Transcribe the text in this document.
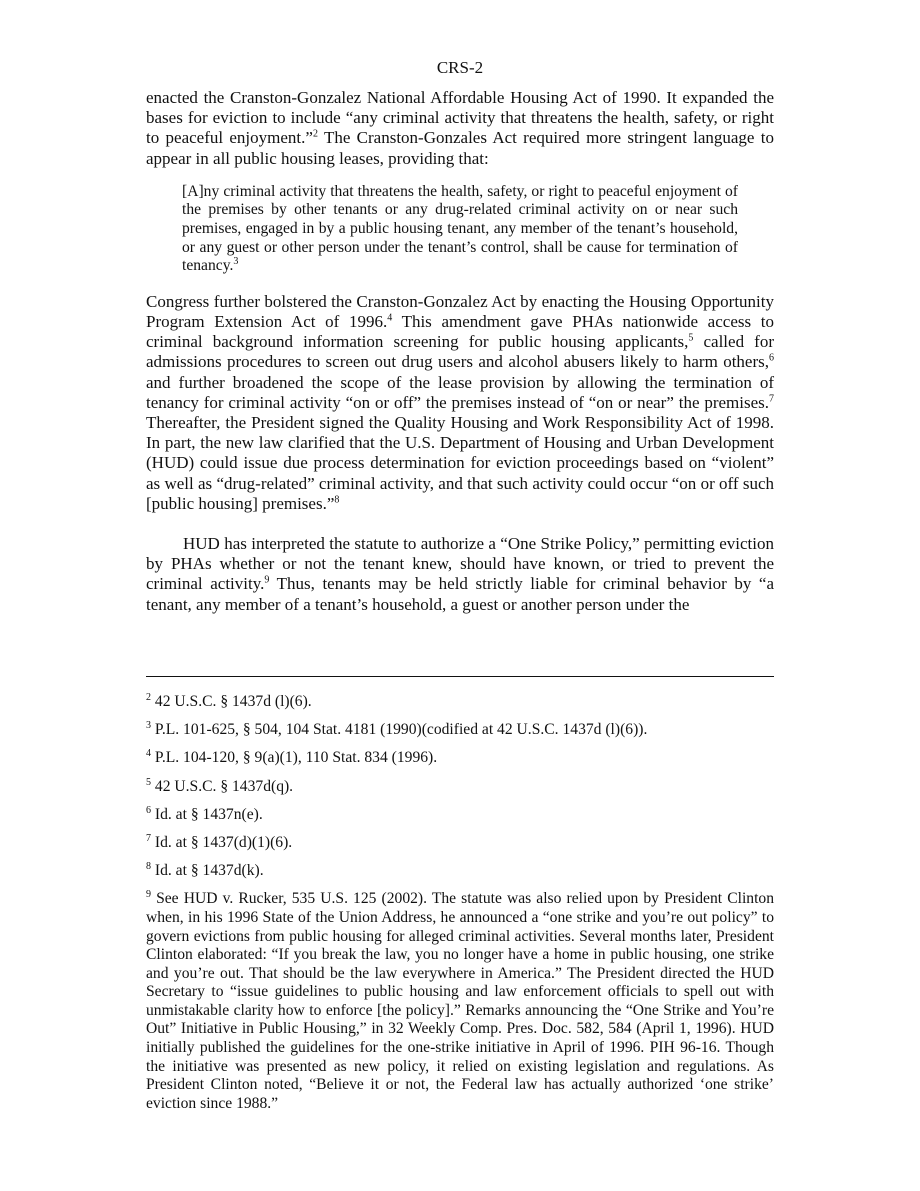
CRS-2

enacted the Cranston-Gonzalez National Affordable Housing Act of 1990. It expanded the bases for eviction to include “any criminal activity that threatens the health, safety, or right to peaceful enjoyment.”$^2$ The Cranston-Gonzales Act required more stringent language to appear in all public housing leases, providing that:

[A]ny criminal activity that threatens the health, safety, or right to peaceful enjoyment of the premises by other tenants or any drug-related criminal activity on or near such premises, engaged in by a public housing tenant, any member of the tenant’s household, or any guest or other person under the tenant’s control, shall be cause for termination of tenancy.$^3$

Congress further bolstered the Cranston-Gonzalez Act by enacting the Housing Opportunity Program Extension Act of 1996.$^4$ This amendment gave PHAs nationwide access to criminal background information screening for public housing applicants,$^5$ called for admissions procedures to screen out drug users and alcohol abusers likely to harm others,$^6$ and further broadened the scope of the lease provision by allowing the termination of tenancy for criminal activity “on or off” the premises instead of “on or near” the premises.$^7$ Thereafter, the President signed the Quality Housing and Work Responsibility Act of 1998. In part, the new law clarified that the U.S. Department of Housing and Urban Development (HUD) could issue due process determination for eviction proceedings based on “violent” as well as “drug-related” criminal activity, and that such activity could occur “on or off such [public housing] premises.”$^8$

HUD has interpreted the statute to authorize a “One Strike Policy,” permitting eviction by PHAs whether or not the tenant knew, should have known, or tried to prevent the criminal activity.$^9$ Thus, tenants may be held strictly liable for criminal behavior by “a tenant, any member of a tenant’s household, a guest or another person under the

$^2$ 42 U.S.C. § 1437d (l)(6).

$^3$ P.L. 101-625, § 504, 104 Stat. 4181 (1990)(codified at 42 U.S.C. 1437d (l)(6)).

$^4$ P.L. 104-120, § 9(a)(1), 110 Stat. 834 (1996).

$^5$ 42 U.S.C. § 1437d(q).

$^6$ Id. at § 1437n(e).

$^7$ Id. at § 1437(d)(1)(6).

$^8$ Id. at § 1437d(k).

$^9$ See HUD v. Rucker, 535 U.S. 125 (2002). The statute was also relied upon by President Clinton when, in his 1996 State of the Union Address, he announced a “one strike and you’re out policy” to govern evictions from public housing for alleged criminal activities. Several months later, President Clinton elaborated: “If you break the law, you no longer have a home in public housing, one strike and you’re out. That should be the law everywhere in America.” The President directed the HUD Secretary to “issue guidelines to public housing and law enforcement officials to spell out with unmistakable clarity how to enforce [the policy].” Remarks announcing the “One Strike and You’re Out” Initiative in Public Housing,” in 32 Weekly Comp. Pres. Doc. 582, 584 (April 1, 1996). HUD initially published the guidelines for the one-strike initiative in April of 1996. PIH 96-16. Though the initiative was presented as new policy, it relied on existing legislation and regulations. As President Clinton noted, “Believe it or not, the Federal law has actually authorized ‘one strike’ eviction since 1988.”
